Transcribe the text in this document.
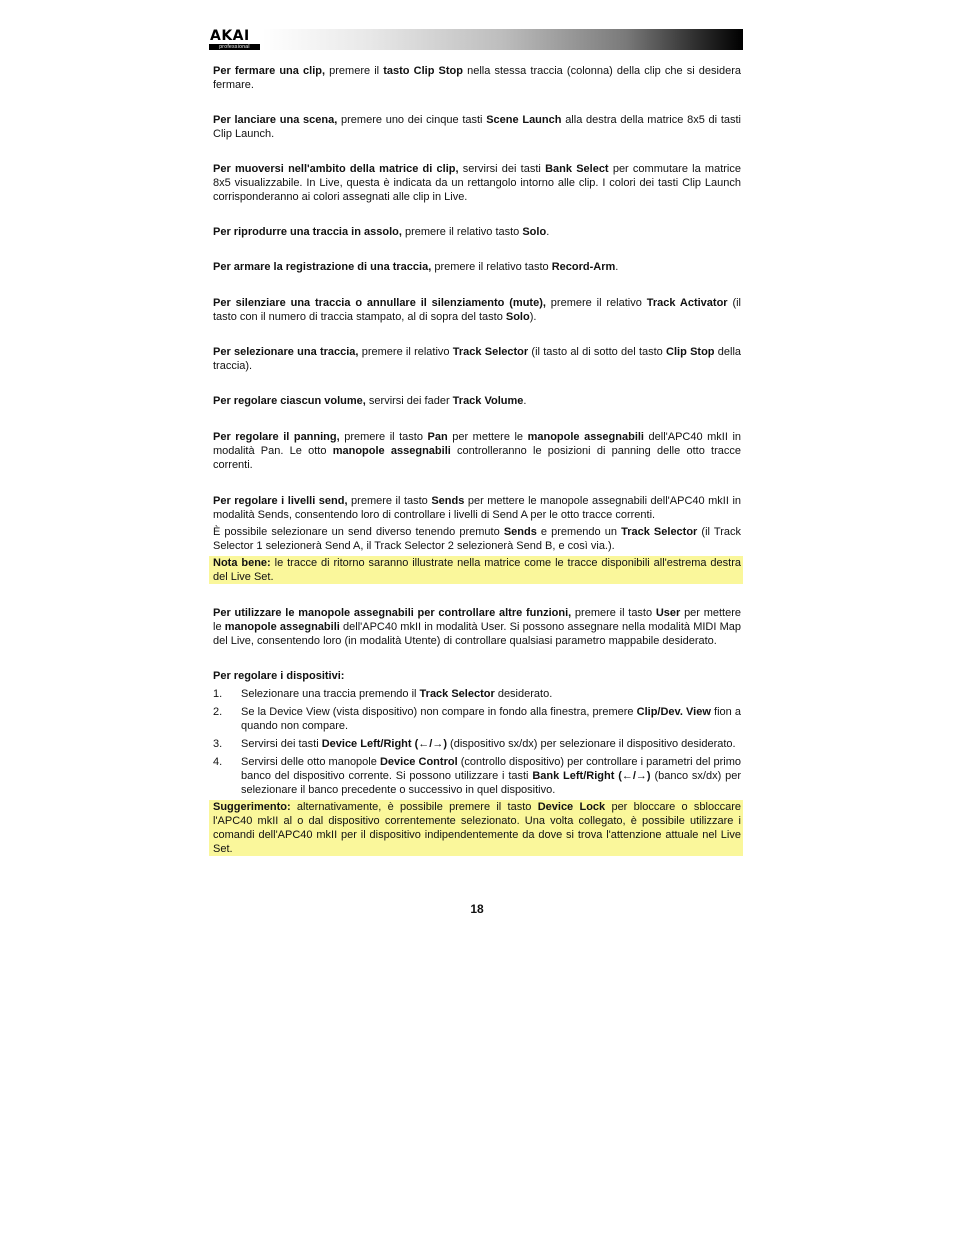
AKAI
professional

Per fermare una clip, premere il tasto Clip Stop nella stessa traccia (colonna) della clip che si desidera fermare.

Per lanciare una scena, premere uno dei cinque tasti Scene Launch alla destra della matrice 8x5 di tasti Clip Launch.

Per muoversi nell'ambito della matrice di clip, servirsi dei tasti Bank Select per commutare la matrice 8x5 visualizzabile. In Live, questa è indicata da un rettangolo intorno alle clip. I colori dei tasti Clip Launch corrisponderanno ai colori assegnati alle clip in Live.

Per riprodurre una traccia in assolo, premere il relativo tasto Solo.

Per armare la registrazione di una traccia, premere il relativo tasto Record-Arm.

Per silenziare una traccia o annullare il silenziamento (mute), premere il relativo Track Activator (il tasto con il numero di traccia stampato, al di sopra del tasto Solo).

Per selezionare una traccia, premere il relativo Track Selector (il tasto al di sotto del tasto Clip Stop della traccia).

Per regolare ciascun volume, servirsi dei fader Track Volume.

Per regolare il panning, premere il tasto Pan per mettere le manopole assegnabili dell'APC40 mkII in modalità Pan. Le otto manopole assegnabili controlleranno le posizioni di panning delle otto tracce correnti.

Per regolare i livelli send, premere il tasto Sends per mettere le manopole assegnabili dell'APC40 mkII in modalità Sends, consentendo loro di controllare i livelli di Send A per le otto tracce correnti.

È possibile selezionare un send diverso tenendo premuto Sends e premendo un Track Selector (il Track Selector 1 selezionerà Send A, il Track Selector 2 selezionerà Send B, e così via.).

Nota bene: le tracce di ritorno saranno illustrate nella matrice come le tracce disponibili all'estrema destra del Live Set.

Per utilizzare le manopole assegnabili per controllare altre funzioni, premere il tasto User per mettere le manopole assegnabili dell'APC40 mkII in modalità User. Si possono assegnare nella modalità MIDI Map del Live, consentendo loro (in modalità Utente) di controllare qualsiasi parametro mappabile desiderato.

Per regolare i dispositivi:

1. Selezionare una traccia premendo il Track Selector desiderato.
2. Se la Device View (vista dispositivo) non compare in fondo alla finestra, premere Clip/Dev. View fion a quando non compare.
3. Servirsi dei tasti Device Left/Right (←/→) (dispositivo sx/dx) per selezionare il dispositivo desiderato.
4. Servirsi delle otto manopole Device Control (controllo dispositivo) per controllare i parametri del primo banco del dispositivo corrente. Si possono utilizzare i tasti Bank Left/Right (←/→) (banco sx/dx) per selezionare il banco precedente o successivo in quel dispositivo.

Suggerimento: alternativamente, è possibile premere il tasto Device Lock per bloccare o sbloccare l'APC40 mkII al o dal dispositivo correntemente selezionato. Una volta collegato, è possibile utilizzare i comandi dell'APC40 mkII per il dispositivo indipendentemente da dove si trova l'attenzione attuale nel Live Set.

18
